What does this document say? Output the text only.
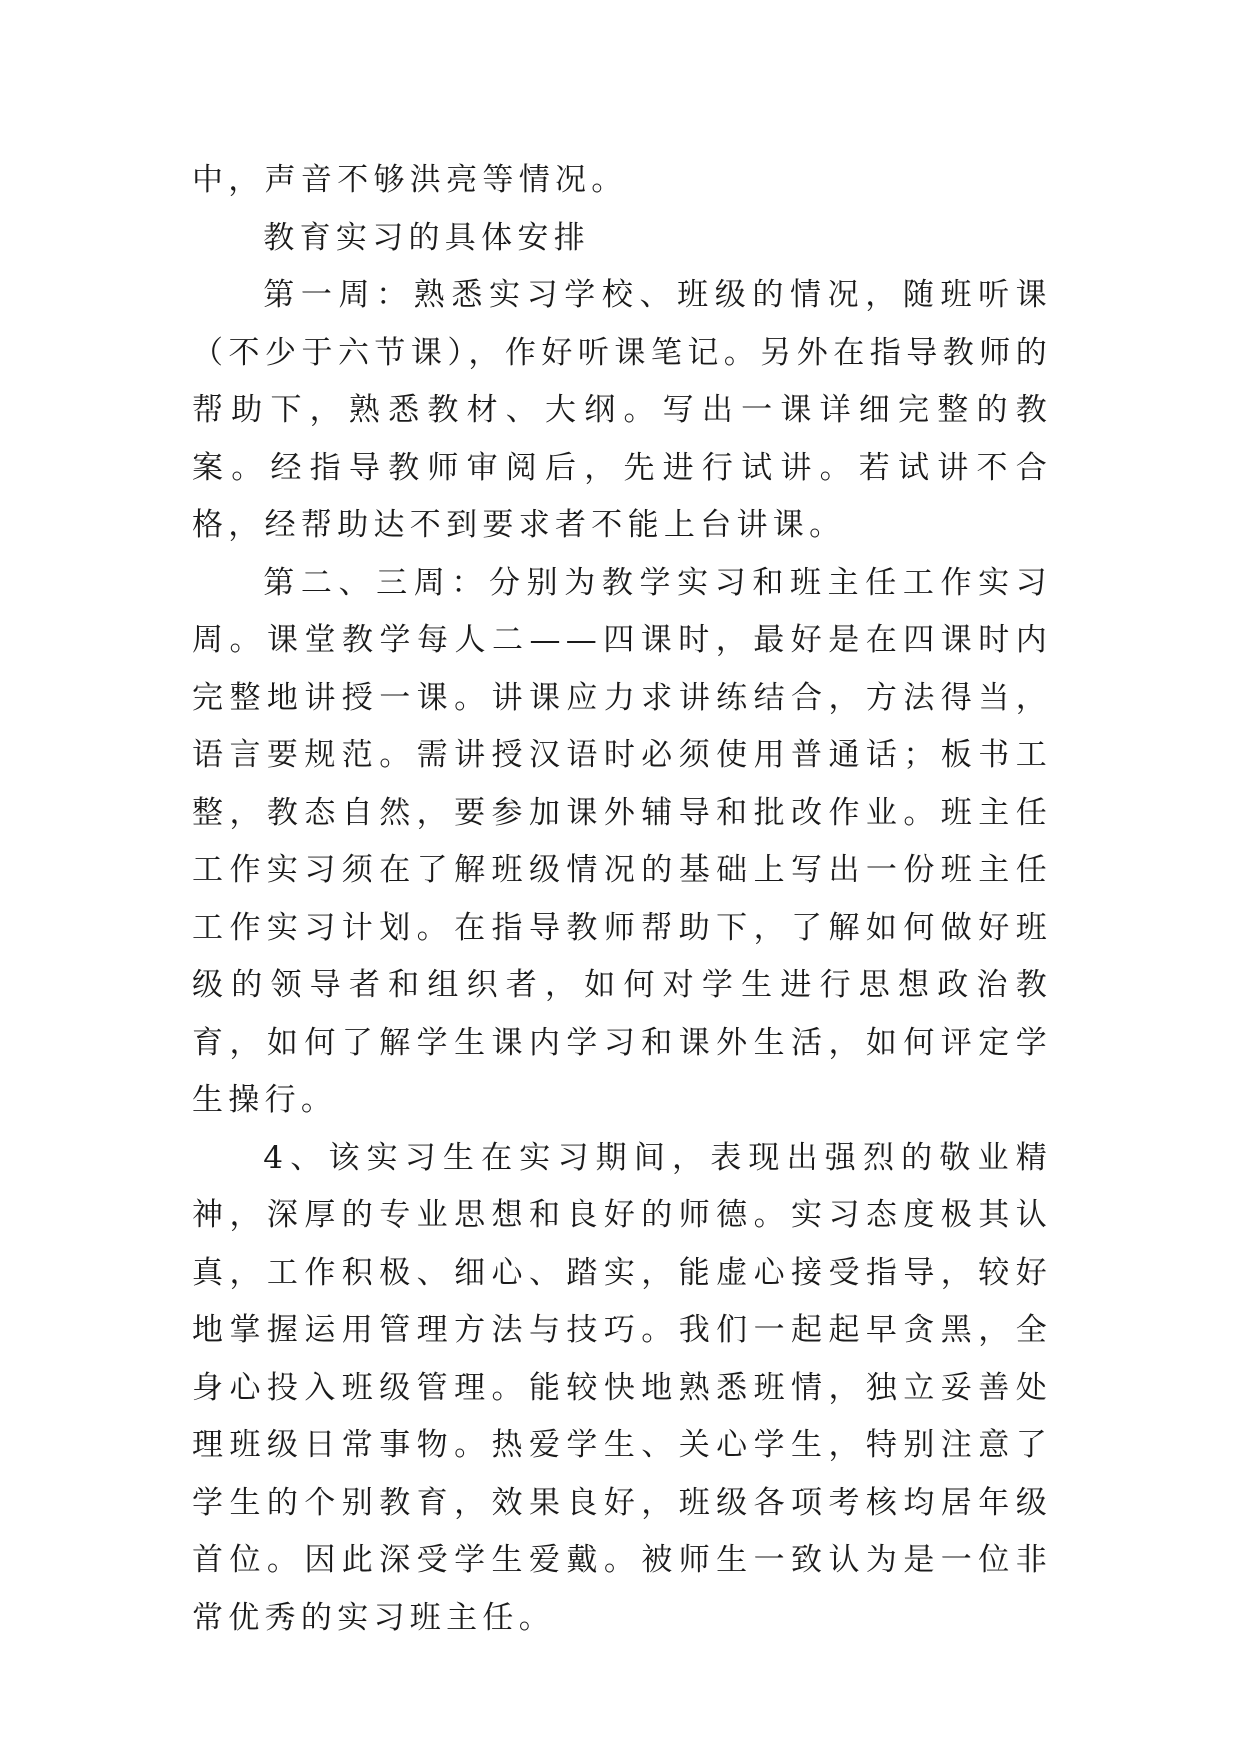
中，声音不够洪亮等情况。

教育实习的具体安排

第一周：熟悉实习学校、班级的情况，随班听课（不少于六节课），作好听课笔记。另外在指导教师的帮助下，熟悉教材、大纲。写出一课详细完整的教案。经指导教师审阅后，先进行试讲。若试讲不合格，经帮助达不到要求者不能上台讲课。

第二、三周：分别为教学实习和班主任工作实习周。课堂教学每人二——四课时，最好是在四课时内完整地讲授一课。讲课应力求讲练结合，方法得当，语言要规范。需讲授汉语时必须使用普通话；板书工整，教态自然，要参加课外辅导和批改作业。班主任工作实习须在了解班级情况的基础上写出一份班主任工作实习计划。在指导教师帮助下，了解如何做好班级的领导者和组织者，如何对学生进行思想政治教育，如何了解学生课内学习和课外生活，如何评定学生操行。

4、该实习生在实习期间，表现出强烈的敬业精神，深厚的专业思想和良好的师德。实习态度极其认真，工作积极、细心、踏实，能虚心接受指导，较好地掌握运用管理方法与技巧。我们一起起早贪黑，全身心投入班级管理。能较快地熟悉班情，独立妥善处理班级日常事物。热爱学生、关心学生，特别注意了学生的个别教育，效果良好，班级各项考核均居年级首位。因此深受学生爱戴。被师生一致认为是一位非常优秀的实习班主任。
